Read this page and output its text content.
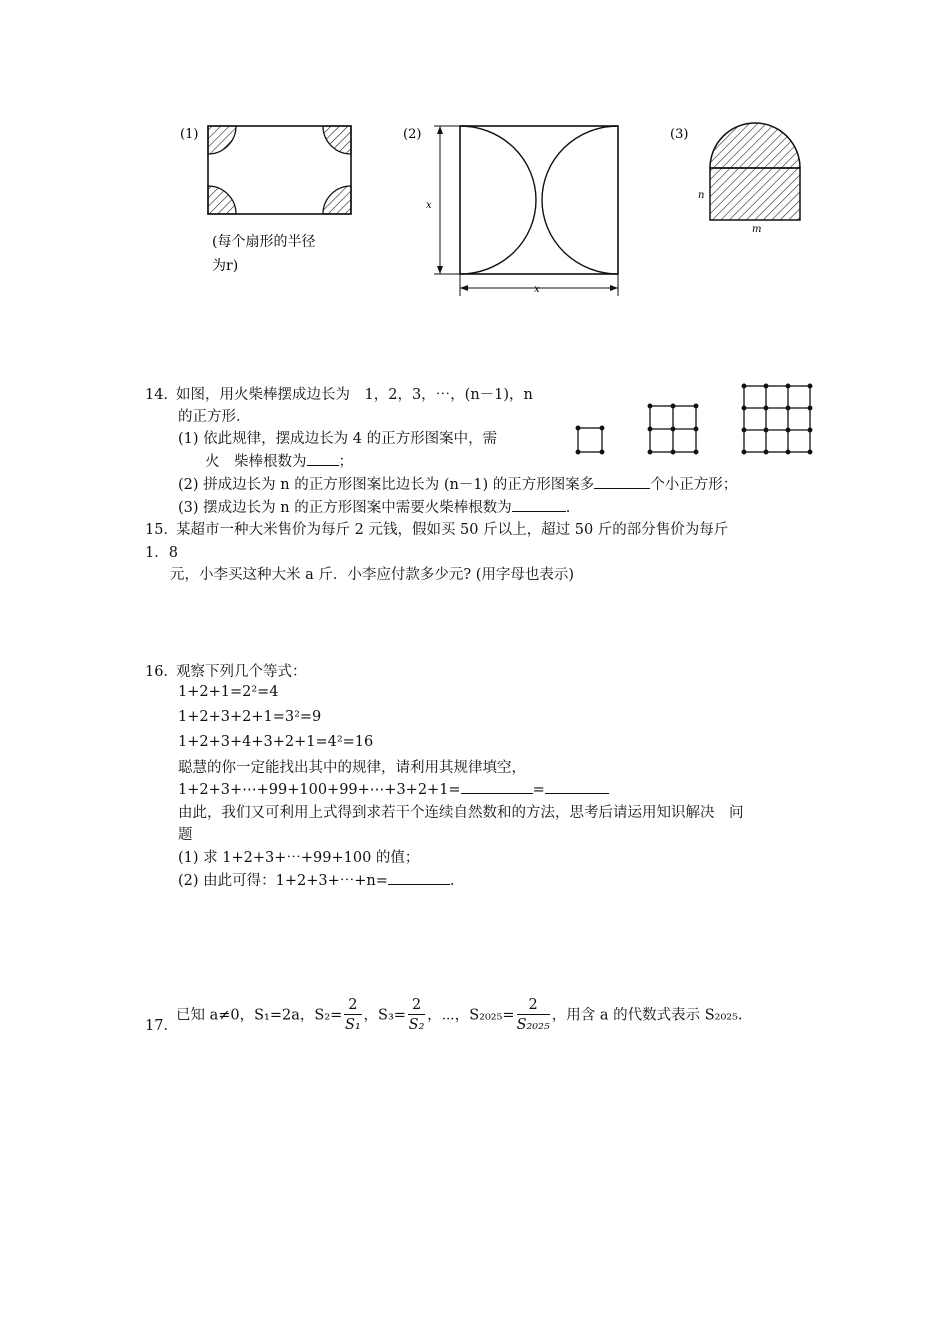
(1)
(每个扇形的半径
为r)
(2)
x
x
(3)
n
m
14．
如图，用火柴棒摆成边长为　1，2，3，⋯，(n－1)，n
的正方形．
(1) 依此规律，摆成边长为 4 的正方形图案中，需
火　柴棒根数为 ；
(2) 拼成边长为 n 的正方形图案比边长为 (n－1) 的正方形图案多	个小正方形；
(3) 摆成边长为 n 的正方形图案中需要火柴棒根数为	.
15．
某超市一种大米售价为每斤 2 元钱，假如买 50 斤以上，超过 50 斤的部分售价为每斤
1．8
元，小李买这种大米 a 斤．小李应付款多少元? (用字母也表示)
16．
观察下列几个等式：
1+2+1=2²=4
1+2+3+2+1=3²=9
1+2+3+4+3+2+1=4²=16
聪慧的你一定能找出其中的规律，请利用其规律填空，
1+2+3+⋯+99+100+99+⋯+3+2+1=	=
由此，我们又可利用上式得到求若干个连续自然数和的方法，思考后请运用知识解决　问
题
(1) 求 1+2+3+⋯+99+100 的值；
(2) 由此可得：1+2+3+⋯+n=	.
17．
已知 a≠0，S₁=2a，$S_2= \frac{2}{\text{S₁}}$ ，$S_3= \frac{2}{\text{S₂}}$ ，⋯，$S_{2025}= \frac{2}{\text{S₂₀₂₅}}$ ，用含 a 的代数式表示 S₂₀₂₅.
